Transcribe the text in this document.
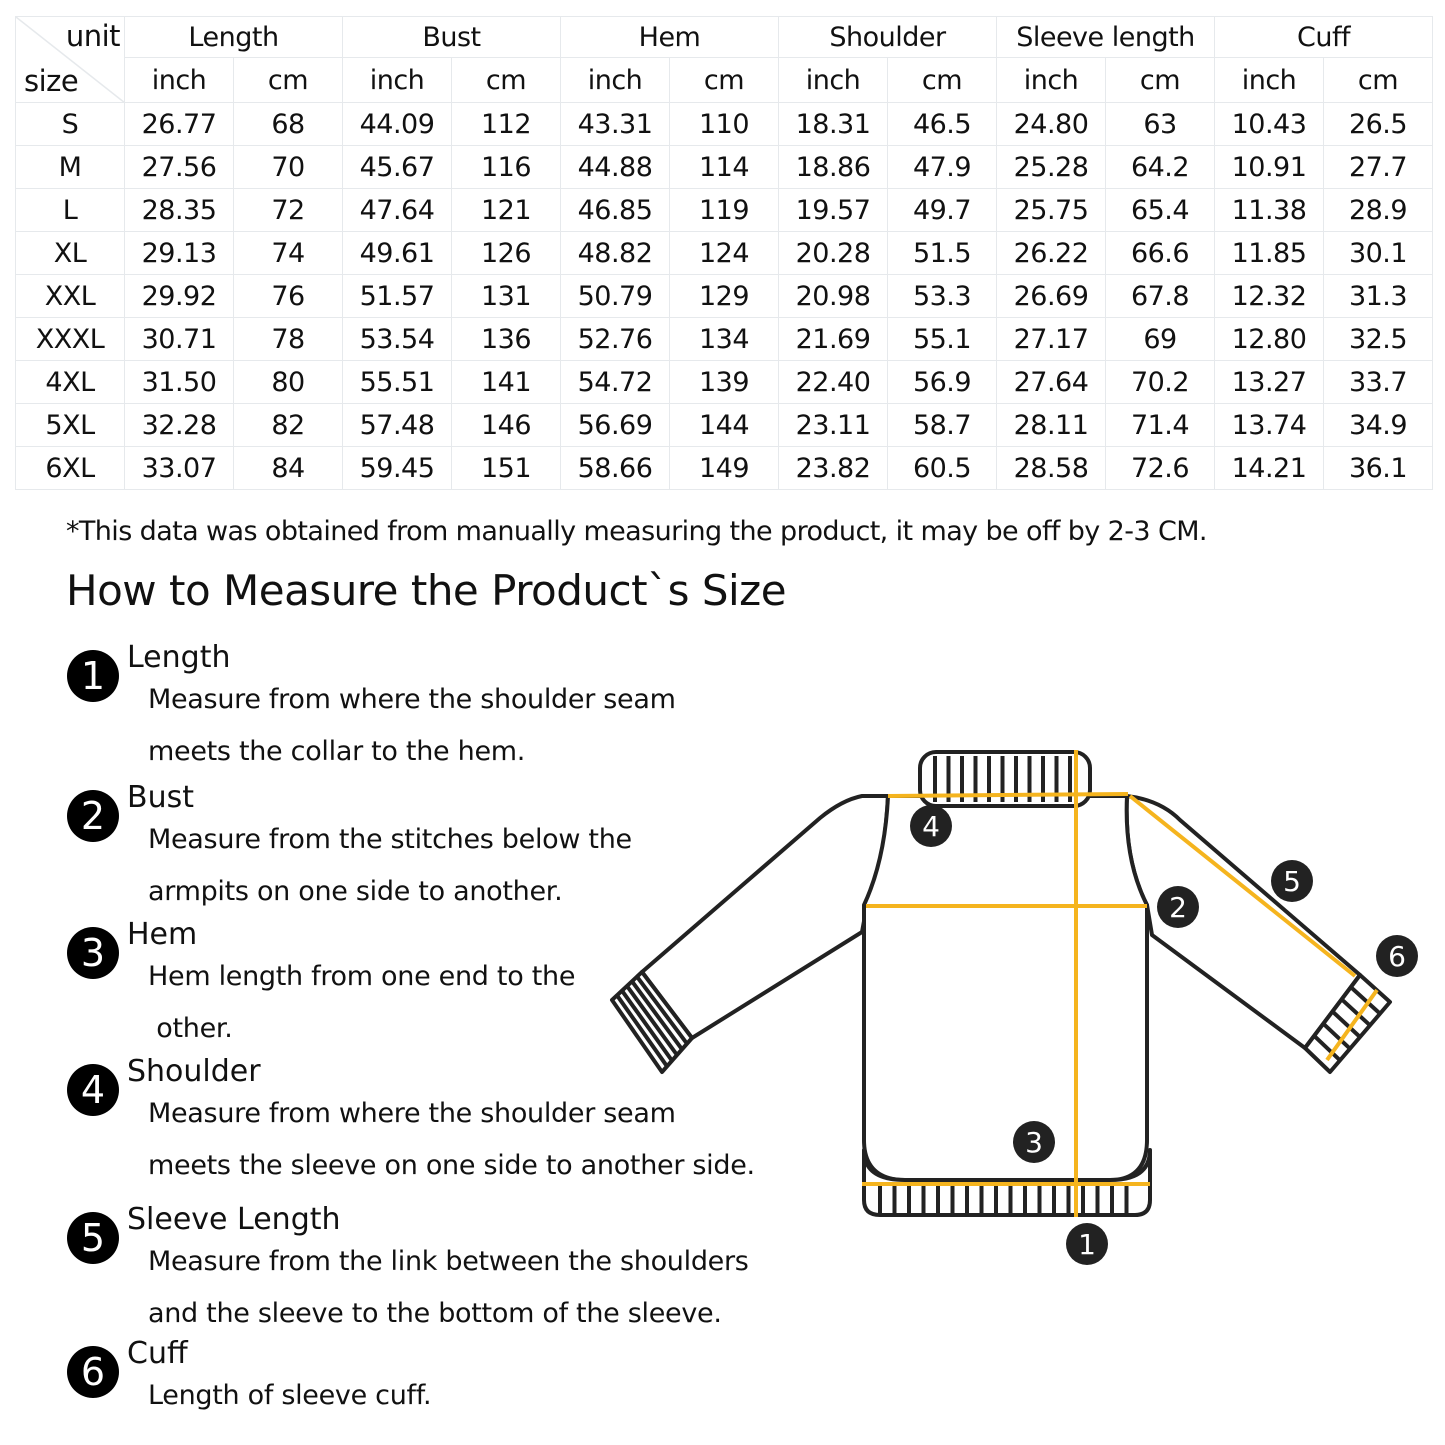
unit
size	Length		Bust		Hem		Shoulder		Sleeve length		Cuff	
	inch	cm	inch	cm	inch	cm	inch	cm	inch	cm	inch	cm
S	26.77	68	44.09	112	43.31	110	18.31	46.5	24.80	63	10.43	26.5
M	27.56	70	45.67	116	44.88	114	18.86	47.9	25.28	64.2	10.91	27.7
L	28.35	72	47.64	121	46.85	119	19.57	49.7	25.75	65.4	11.38	28.9
XL	29.13	74	49.61	126	48.82	124	20.28	51.5	26.22	66.6	11.85	30.1
XXL	29.92	76	51.57	131	50.79	129	20.98	53.3	26.69	67.8	12.32	31.3
XXXL	30.71	78	53.54	136	52.76	134	21.69	55.1	27.17	69	12.80	32.5
4XL	31.50	80	55.51	141	54.72	139	22.40	56.9	27.64	70.2	13.27	33.7
5XL	32.28	82	57.48	146	56.69	144	23.11	58.7	28.11	71.4	13.74	34.9
6XL	33.07	84	59.45	151	58.66	149	23.82	60.5	28.58	72.6	14.21	36.1
*This data was obtained from manually measuring the product, it may be off by 2-3 CM.
How to Measure the Product`s Size
1 Length
Measure from where the shoulder seam
meets the collar to the hem.
2 Bust
Measure from the stitches below the
armpits on one side to another.
3 Hem
Hem length from one end to the
other.
4 Shoulder
Measure from where the shoulder seam
meets the sleeve on one side to another side.
5 Sleeve Length
Measure from the link between the shoulders
and the sleeve to the bottom of the sleeve.
6 Cuff
Length of sleeve cuff.
1
2
3
4
5
6
